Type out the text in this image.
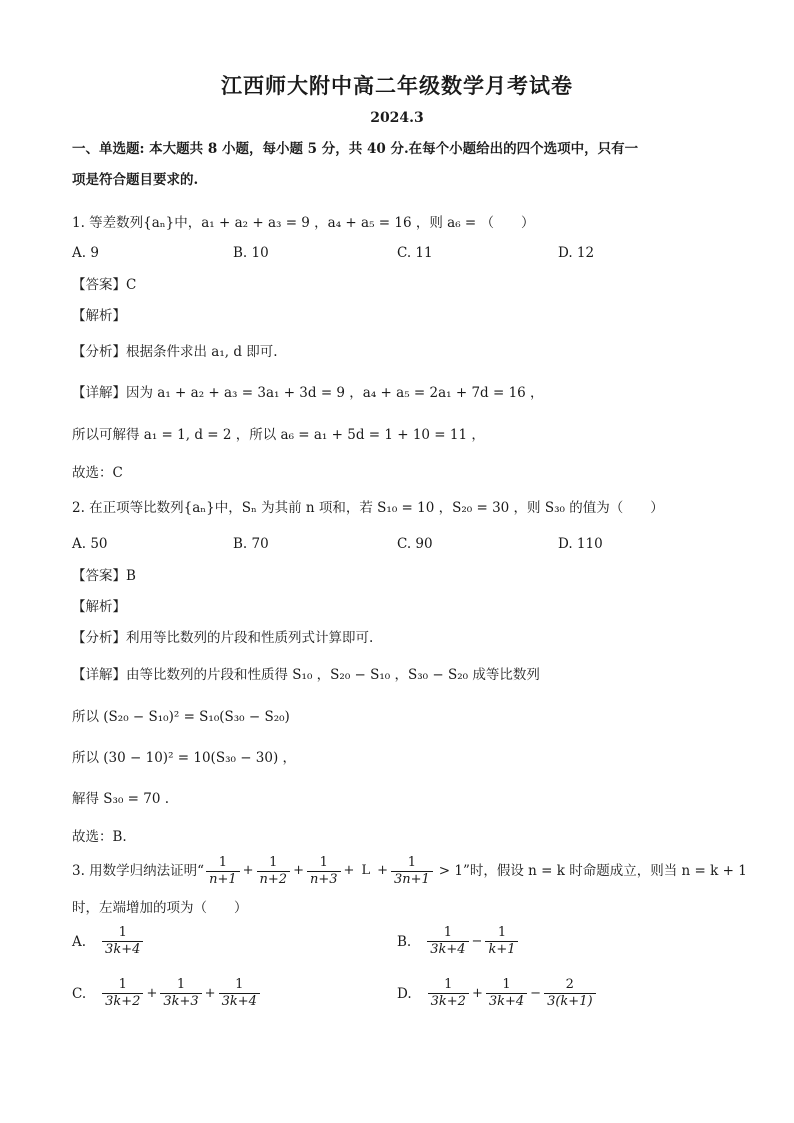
江西师大附中高二年级数学月考试卷
2024.3
一、单选题: 本大题共 8 小题，每小题 5 分，共 40 分.在每个小题给出的四个选项中，只有一
项是符合题目要求的.
1. 等差数列{aₙ}中，a₁ + a₂ + a₃ = 9 ，a₄ + a₅ = 16 ，则 a₆ = （　　）
A. 9	B. 10	C. 11	D. 12
【答案】C
【解析】
【分析】根据条件求出 a₁, d 即可.
【详解】因为 a₁ + a₂ + a₃ = 3a₁ + 3d = 9 ，a₄ + a₅ = 2a₁ + 7d = 16 ，
所以可解得 a₁ = 1, d = 2 ，所以 a₆ = a₁ + 5d = 1 + 10 = 11 ，
故选：C
2. 在正项等比数列{aₙ}中，Sₙ 为其前 n 项和，若 S₁₀ = 10 ，S₂₀ = 30 ，则 S₃₀ 的值为（　　）
A. 50	B. 70	C. 90	D. 110
【答案】B
【解析】
【分析】利用等比数列的片段和性质列式计算即可.
【详解】由等比数列的片段和性质得 S₁₀ ，S₂₀ − S₁₀ ，S₃₀ − S₂₀ 成等比数列
所以 (S₂₀ − S₁₀)² = S₁₀(S₃₀ − S₂₀)
所以 (30 − 10)² = 10(S₃₀ − 30) ，
解得 S₃₀ = 70 .
故选：B.
3. 用数学归纳法证明“ $\frac{1}{n+1} + \frac{1}{n+2} + \frac{1}{n+3} + L + \frac{1}{3n+1} > 1$”时，假设 n = k 时命题成立，则当 n = k + 1
时，左端增加的项为（　　）
A. $\frac{1}{3k+4}$	B. $\frac{1}{3k+4} - \frac{1}{k+1}$
C. $\frac{1}{3k+2} + \frac{1}{3k+3} + \frac{1}{3k+4}$	D. $\frac{1}{3k+2} + \frac{1}{3k+4} - \frac{2}{3(k+1)}$
